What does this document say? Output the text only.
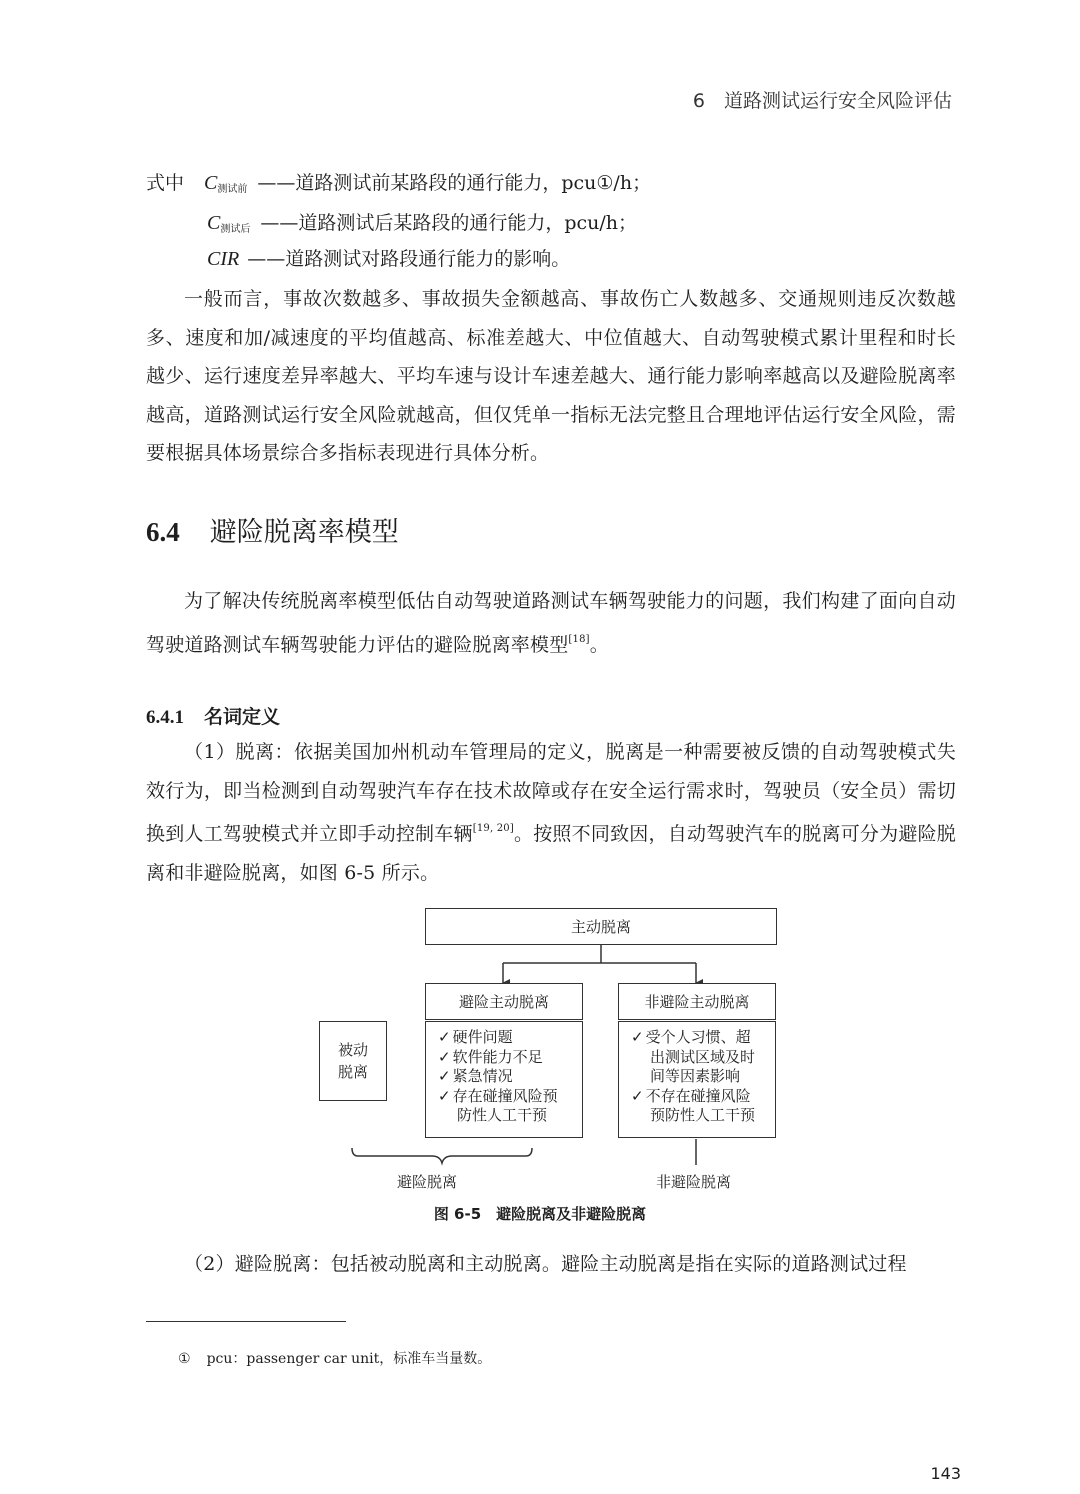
6　道路测试运行安全风险评估
式中 $C_{测试前}$ ——道路测试前某路段的通行能力，pcu①/h；
$C_{测试后}$ ——道路测试后某路段的通行能力，pcu/h；
CIR ——道路测试对路段通行能力的影响。
一般而言，事故次数越多、事故损失金额越高、事故伤亡人数越多、交通规则违反次数越多、速度和加/减速度的平均值越高、标准差越大、中位值越大、自动驾驶模式累计里程和时长越少、运行速度差异率越大、平均车速与设计车速差越大、通行能力影响率越高以及避险脱离率越高，道路测试运行安全风险就越高，但仅凭单一指标无法完整且合理地评估运行安全风险，需要根据具体场景综合多指标表现进行具体分析。
6.4 避险脱离率模型
为了解决传统脱离率模型低估自动驾驶道路测试车辆驾驶能力的问题，我们构建了面向自动驾驶道路测试车辆驾驶能力评估的避险脱离率模型[18]。
6.4.1 名词定义
（1）脱离：依据美国加州机动车管理局的定义，脱离是一种需要被反馈的自动驾驶模式失效行为，即当检测到自动驾驶汽车存在技术故障或存在安全运行需求时，驾驶员（安全员）需切换到人工驾驶模式并立即手动控制车辆[19, 20]。按照不同致因，自动驾驶汽车的脱离可分为避险脱离和非避险脱离，如图 6-5 所示。
主动脱离
避险主动脱离	非避险主动脱离
被动脱离
✓ 硬件问题
✓ 软件能力不足
✓ 紧急情况
✓ 存在碰撞风险预
防性人工干预
✓ 受个人习惯、超
出测试区域及时
间等因素影响
✓ 不存在碰撞风险
预防性人工干预
避险脱离	非避险脱离
图 6-5　避险脱离及非避险脱离
（2）避险脱离：包括被动脱离和主动脱离。避险主动脱离是指在实际的道路测试过程
① pcu：passenger car unit，标准车当量数。
143
